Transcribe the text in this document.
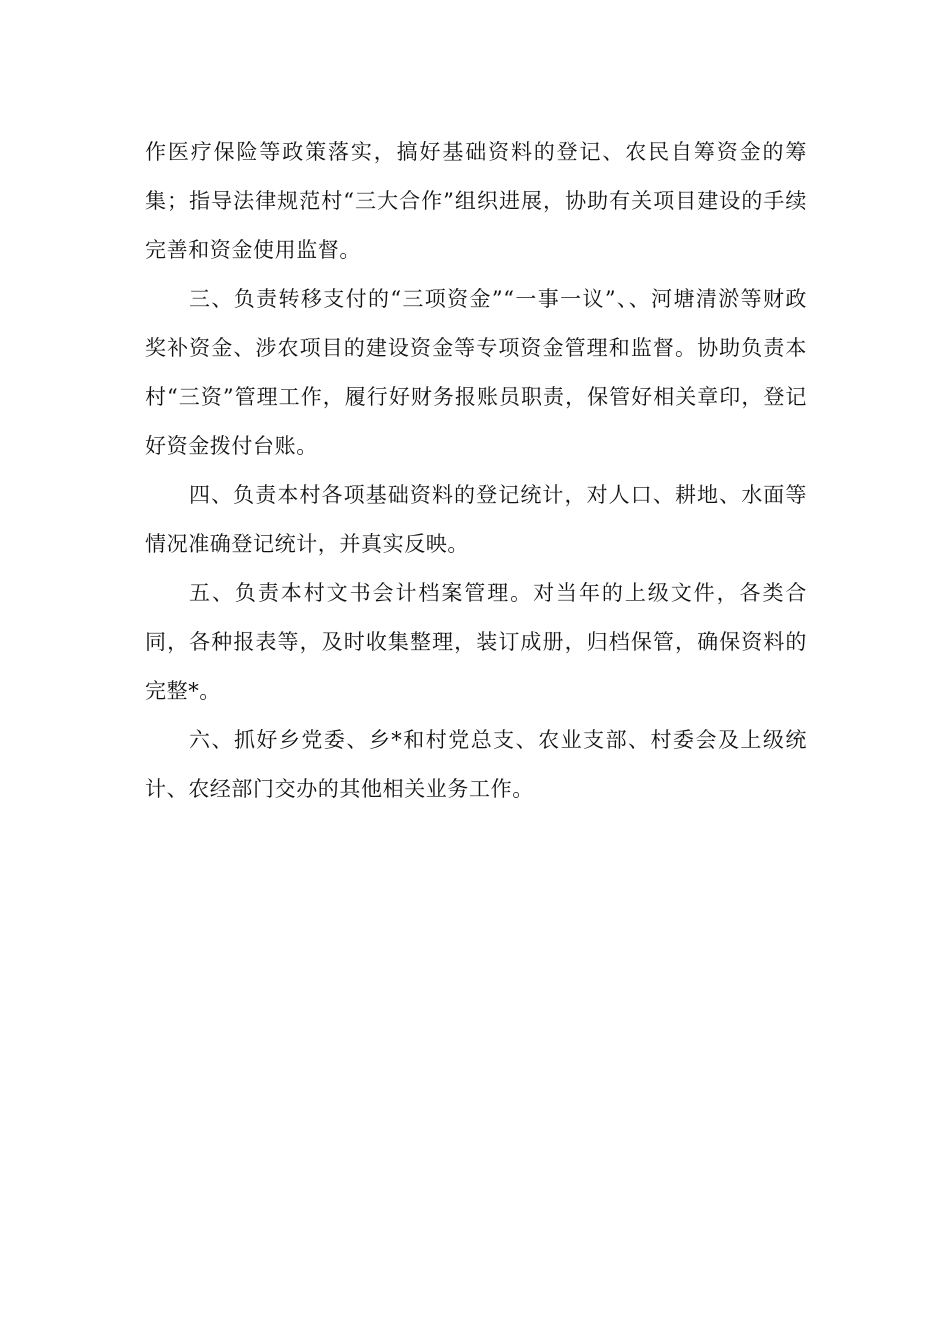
作医疗保险等政策落实，搞好基础资料的登记、农民自筹资金的筹集；指导法律规范村“三大合作”组织进展，协助有关项目建设的手续完善和资金使用监督。

三、负责转移支付的“三项资金”“一事一议”、、河塘清淤等财政奖补资金、涉农项目的建设资金等专项资金管理和监督。协助负责本村“三资”管理工作，履行好财务报账员职责，保管好相关章印，登记好资金拨付台账。

四、负责本村各项基础资料的登记统计，对人口、耕地、水面等情况准确登记统计，并真实反映。

五、负责本村文书会计档案管理。对当年的上级文件，各类合同，各种报表等，及时收集整理，装订成册，归档保管，确保资料的完整*。

六、抓好乡党委、乡*和村党总支、农业支部、村委会及上级统计、农经部门交办的其他相关业务工作。
